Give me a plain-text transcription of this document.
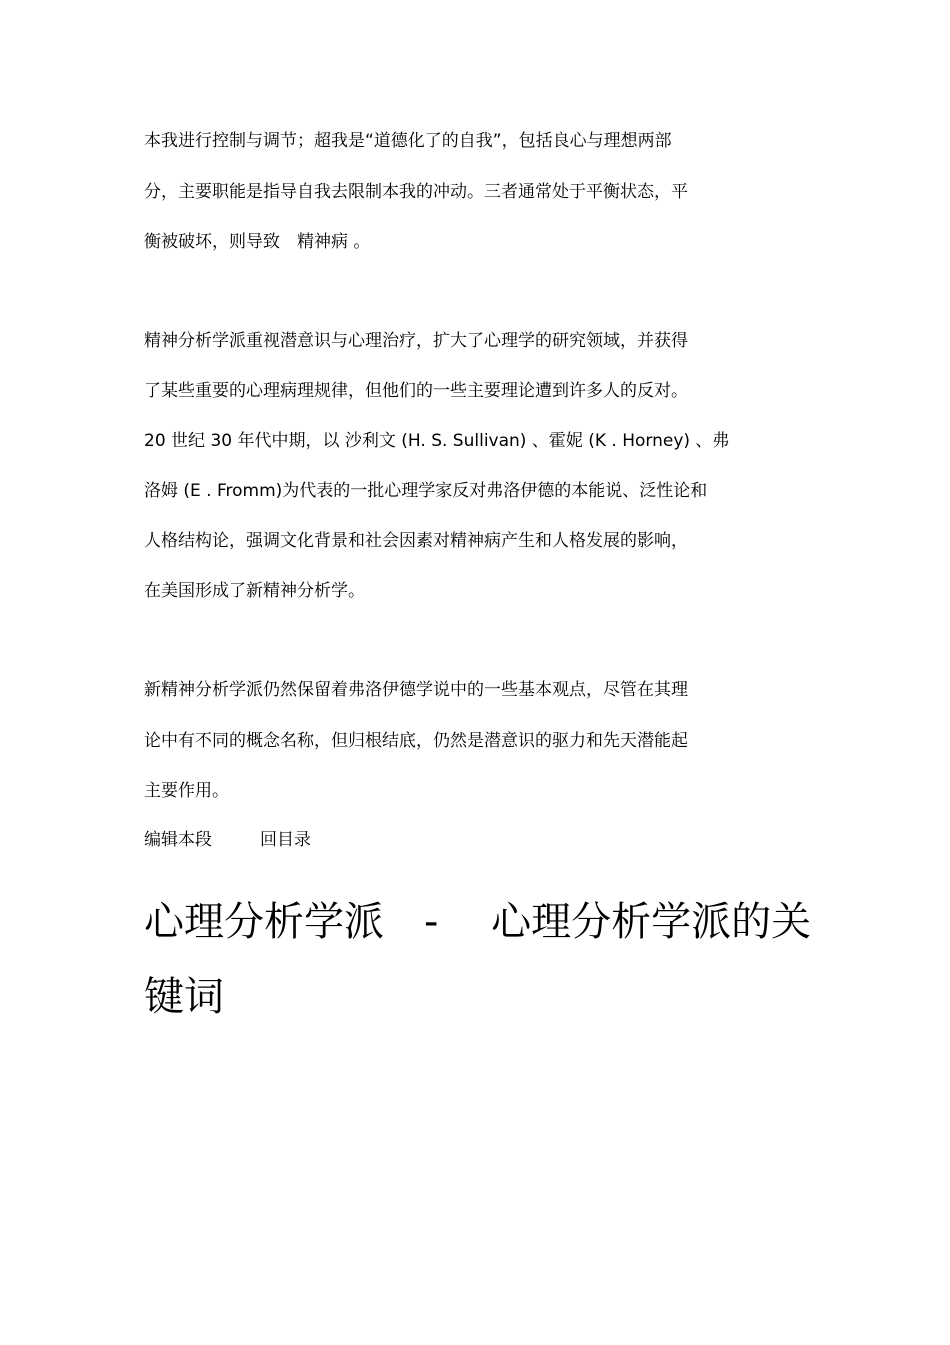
本我进行控制与调节；超我是“道德化了的自我”，包括良心与理想两部
分，主要职能是指导自我去限制本我的冲动。三者通常处于平衡状态，平
衡被破坏，则导致　精神病 。
精神分析学派重视潜意识与心理治疗，扩大了心理学的研究领域，并获得
了某些重要的心理病理规律，但他们的一些主要理论遭到许多人的反对。
20 世纪 30 年代中期，以 沙利文 (H. S. Sullivan) 、霍妮 (K . Horney) 、弗
洛姆 (E . Fromm)为代表的一批心理学家反对弗洛伊德的本能说、泛性论和
人格结构论，强调文化背景和社会因素对精神病产生和人格发展的影响，
在美国形成了新精神分析学。
新精神分析学派仍然保留着弗洛伊德学说中的一些基本观点，尽管在其理
论中有不同的概念名称，但归根结底，仍然是潜意识的驱力和先天潜能起
主要作用。
编辑本段	回目录
心理分析学派　-　 心理分析学派的关
键词
